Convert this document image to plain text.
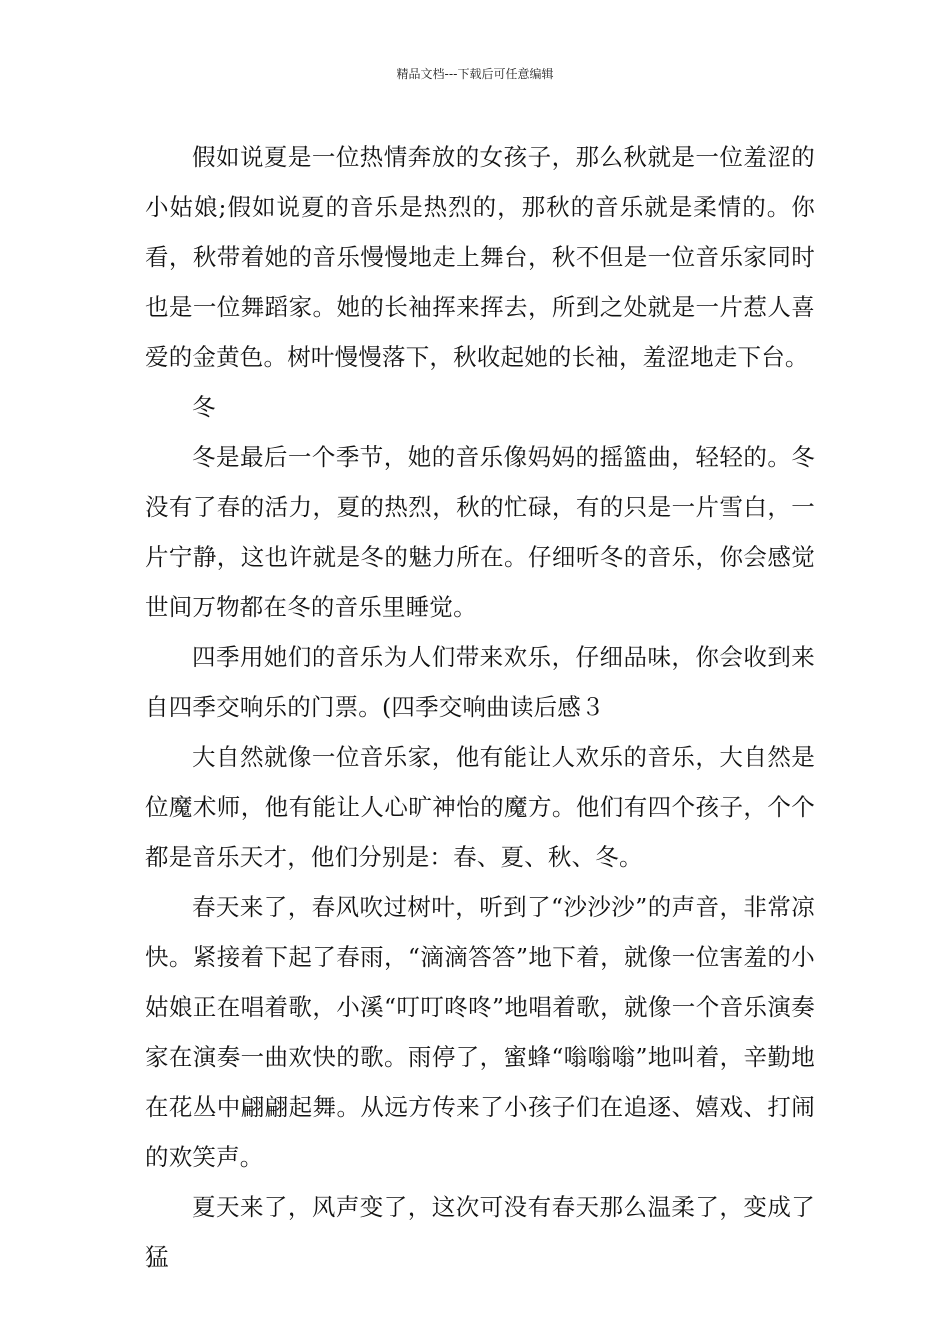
精品文档---下载后可任意编辑

假如说夏是一位热情奔放的女孩子，那么秋就是一位羞涩的小姑娘;假如说夏的音乐是热烈的，那秋的音乐就是柔情的。你看，秋带着她的音乐慢慢地走上舞台，秋不但是一位音乐家同时也是一位舞蹈家。她的长袖挥来挥去，所到之处就是一片惹人喜爱的金黄色。树叶慢慢落下，秋收起她的长袖，羞涩地走下台。

冬

冬是最后一个季节，她的音乐像妈妈的摇篮曲，轻轻的。冬没有了春的活力，夏的热烈，秋的忙碌，有的只是一片雪白，一片宁静，这也许就是冬的魅力所在。仔细听冬的音乐，你会感觉世间万物都在冬的音乐里睡觉。

四季用她们的音乐为人们带来欢乐，仔细品味，你会收到来自四季交响乐的门票。(四季交响曲读后感３

大自然就像一位音乐家，他有能让人欢乐的音乐，大自然是位魔术师，他有能让人心旷神怡的魔方。他们有四个孩子，个个都是音乐天才，他们分别是：春、夏、秋、冬。

春天来了，春风吹过树叶，听到了“沙沙沙”的声音，非常凉快。紧接着下起了春雨，“滴滴答答”地下着，就像一位害羞的小姑娘正在唱着歌，小溪“叮叮咚咚”地唱着歌，就像一个音乐演奏家在演奏一曲欢快的歌。雨停了，蜜蜂“嗡嗡嗡”地叫着，辛勤地在花丛中翩翩起舞。从远方传来了小孩子们在追逐、嬉戏、打闹的欢笑声。

夏天来了，风声变了，这次可没有春天那么温柔了，变成了猛
